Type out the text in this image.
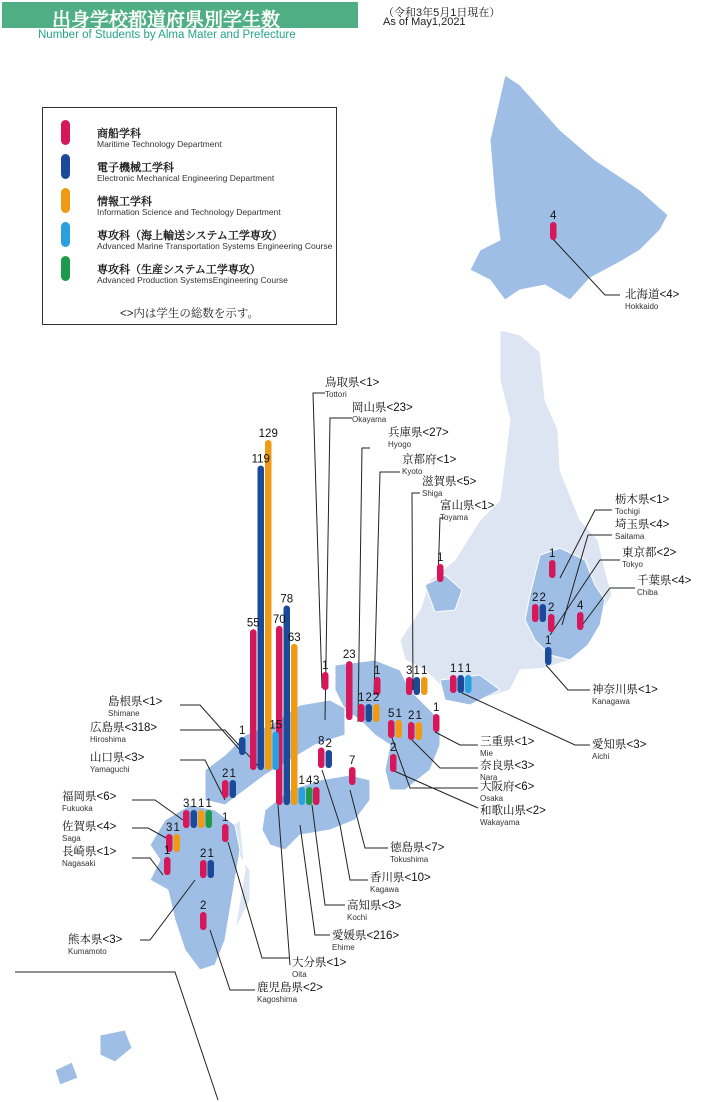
4
1
23
1 2 2
1 3 1 1
1	1
2 2
2 4
1
1 1 1
1
2 1
5 1
2
7
8 2
3
70
78
63
1 4
1
2
2 1
1
3 1
3 1 1 1
2 1
55
119
129
15
1
出身学校都道府県別学生数
Number of Students by Alma Mater and Prefecture
（令和3年5月1日現在）
As of May1,2021
商船学科
Maritime Technology Department
電子機械工学科
Electronic Mechanical Engineering Department
情報工学科
Information Science and Technology Department
専攻科（海上輸送システム工学専攻）
Advanced Marine Transportation Systems Engineering Course
専攻科（生産システム工学専攻）
Advanced Production SystemsEngineering Course
<>内は学生の総数を示す。
北海道<4>
Hokkaido
鳥取県<1>
Tottori
岡山県<23>
Okayama
兵庫県<27>
Hyogo
京都府<1>
Kyoto
滋賀県<5>
Shiga
富山県<1>
Toyama
栃木県<1>
Tochigi
埼玉県<4>
Saitama
東京都<2>
Tokyo
千葉県<4>
Chiba
神奈川県<1>
Kanagawa
愛知県<3>
Aichi
三重県<1>
Mie
奈良県<3>
Nara
大阪府<6>
Osaka
和歌山県<2>
Wakayama
徳島県<7>
Tokushima
香川県<10>
Kagawa
高知県<3>
Kochi
愛媛県<216>
Ehime
大分県<1>
Oita
鹿児島県<2>
Kagoshima
熊本県<3>
Kumamoto
長崎県<1>
Nagasaki
佐賀県<4>
Saga
福岡県<6>
Fukuoka
山口県<3>
Yamaguchi
広島県<318>
Hiroshima
島根県<1>
Shimane
